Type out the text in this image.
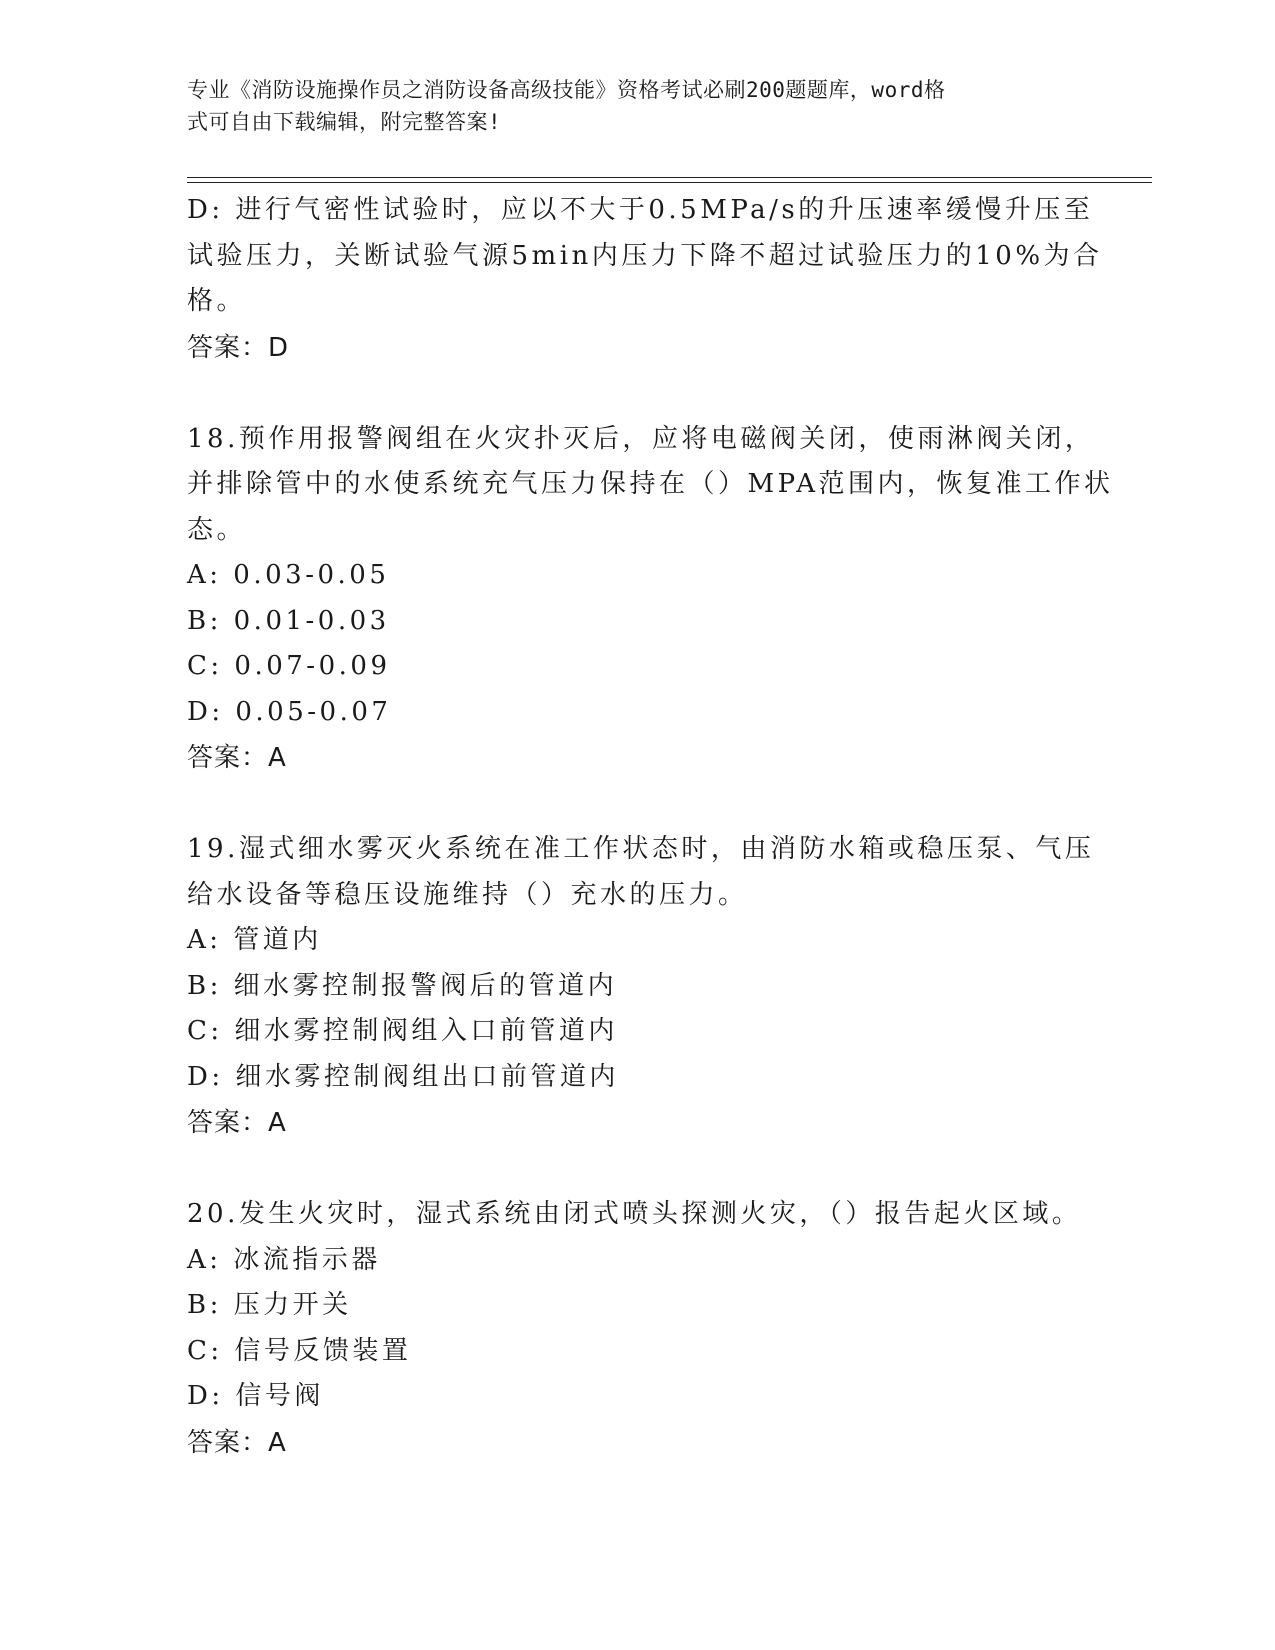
专业《消防设施操作员之消防设备高级技能》资格考试必刷200题题库，word格
式可自由下载编辑，附完整答案!
D: 进行气密性试验时，应以不大于0.5MPa/s的升压速率缓慢升压至
试验压力，关断试验气源5min内压力下降不超过试验压力的10%为合
格。
答案：D
18.预作用报警阀组在火灾扑灭后，应将电磁阀关闭，使雨淋阀关闭，
并排除管中的水使系统充气压力保持在（）MPA范围内，恢复准工作状
态。
A: 0.03-0.05
B: 0.01-0.03
C: 0.07-0.09
D: 0.05-0.07
答案：A
19.湿式细水雾灭火系统在准工作状态时，由消防水箱或稳压泵、气压
给水设备等稳压设施维持（）充水的压力。
A: 管道内
B: 细水雾控制报警阀后的管道内
C: 细水雾控制阀组入口前管道内
D: 细水雾控制阀组出口前管道内
答案：A
20.发生火灾时，湿式系统由闭式喷头探测火灾，（）报告起火区域。
A: 冰流指示器
B: 压力开关
C: 信号反馈装置
D: 信号阀
答案：A
